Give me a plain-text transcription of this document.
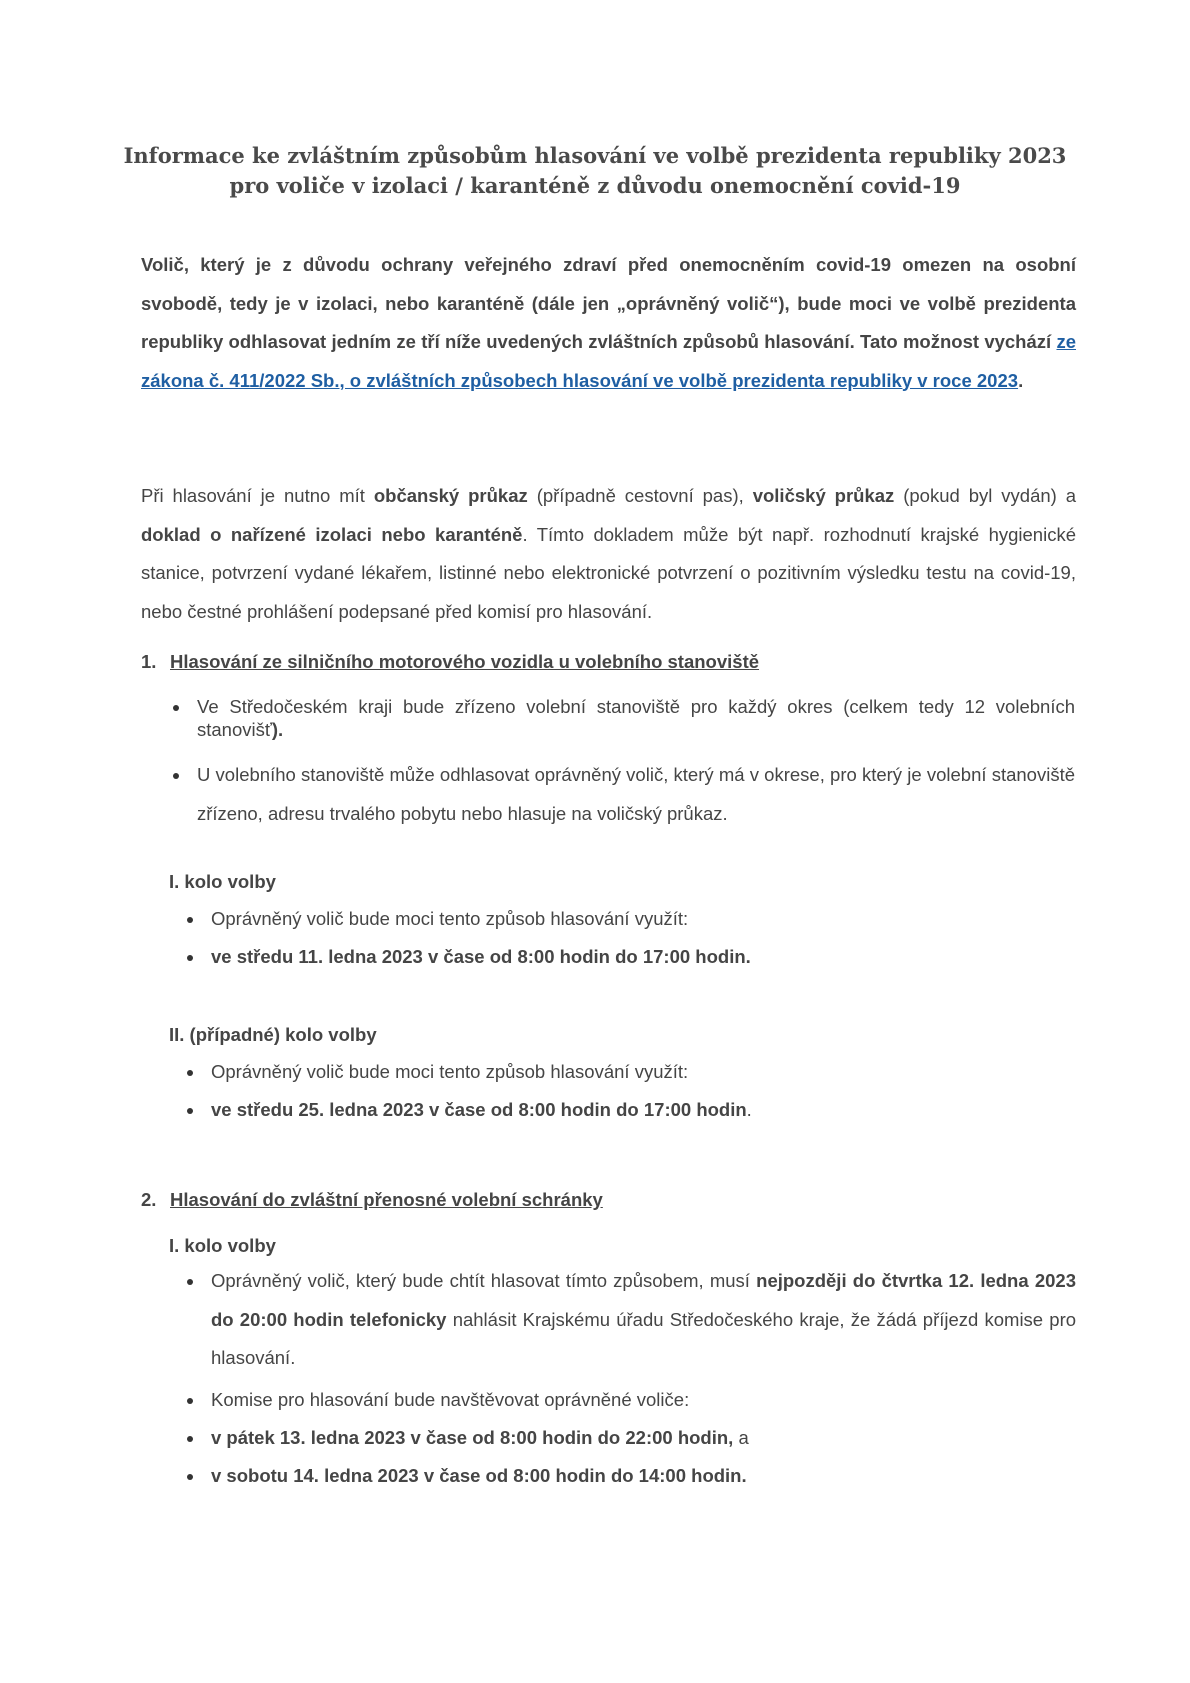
Informace ke zvláštním způsobům hlasování ve volbě prezidenta republiky 2023
pro voliče v izolaci / karanténě z důvodu onemocnění covid-19
Volič, který je z důvodu ochrany veřejného zdraví před onemocněním covid-19 omezen na osobní svobodě, tedy je v izolaci, nebo karanténě (dále jen „oprávněný volič“), bude moci ve volbě prezidenta republiky odhlasovat jedním ze tří níže uvedených zvláštních způsobů hlasování. Tato možnost vychází ze zákona č. 411/2022 Sb., o zvláštních způsobech hlasování ve volbě prezidenta republiky v roce 2023.
Při hlasování je nutno mít občanský průkaz (případně cestovní pas), voličský průkaz (pokud byl vydán) a doklad o nařízené izolaci nebo karanténě. Tímto dokladem může být např. rozhodnutí krajské hygienické stanice, potvrzení vydané lékařem, listinné nebo elektronické potvrzení o pozitivním výsledku testu na covid-19, nebo čestné prohlášení podepsané před komisí pro hlasování.
1. Hlasování ze silničního motorového vozidla u volebního stanoviště
Ve Středočeském kraji bude zřízeno volební stanoviště pro každý okres (celkem tedy 12 volebních stanovišť).
U volebního stanoviště může odhlasovat oprávněný volič, který má v okrese, pro který je volební stanoviště zřízeno, adresu trvalého pobytu nebo hlasuje na voličský průkaz.
I. kolo volby
Oprávněný volič bude moci tento způsob hlasování využít:
ve středu 11. ledna 2023 v čase od 8:00 hodin do 17:00 hodin.
II. (případné) kolo volby
Oprávněný volič bude moci tento způsob hlasování využít:
ve středu 25. ledna 2023 v čase od 8:00 hodin do 17:00 hodin.
2. Hlasování do zvláštní přenosné volební schránky
I. kolo volby
Oprávněný volič, který bude chtít hlasovat tímto způsobem, musí nejpozději do čtvrtka 12. ledna 2023 do 20:00 hodin telefonicky nahlásit Krajskému úřadu Středočeského kraje, že žádá příjezd komise pro hlasování.
Komise pro hlasování bude navštěvovat oprávněné voliče:
v pátek 13. ledna 2023 v čase od 8:00 hodin do 22:00 hodin, a
v sobotu 14. ledna 2023 v čase od 8:00 hodin do 14:00 hodin.
